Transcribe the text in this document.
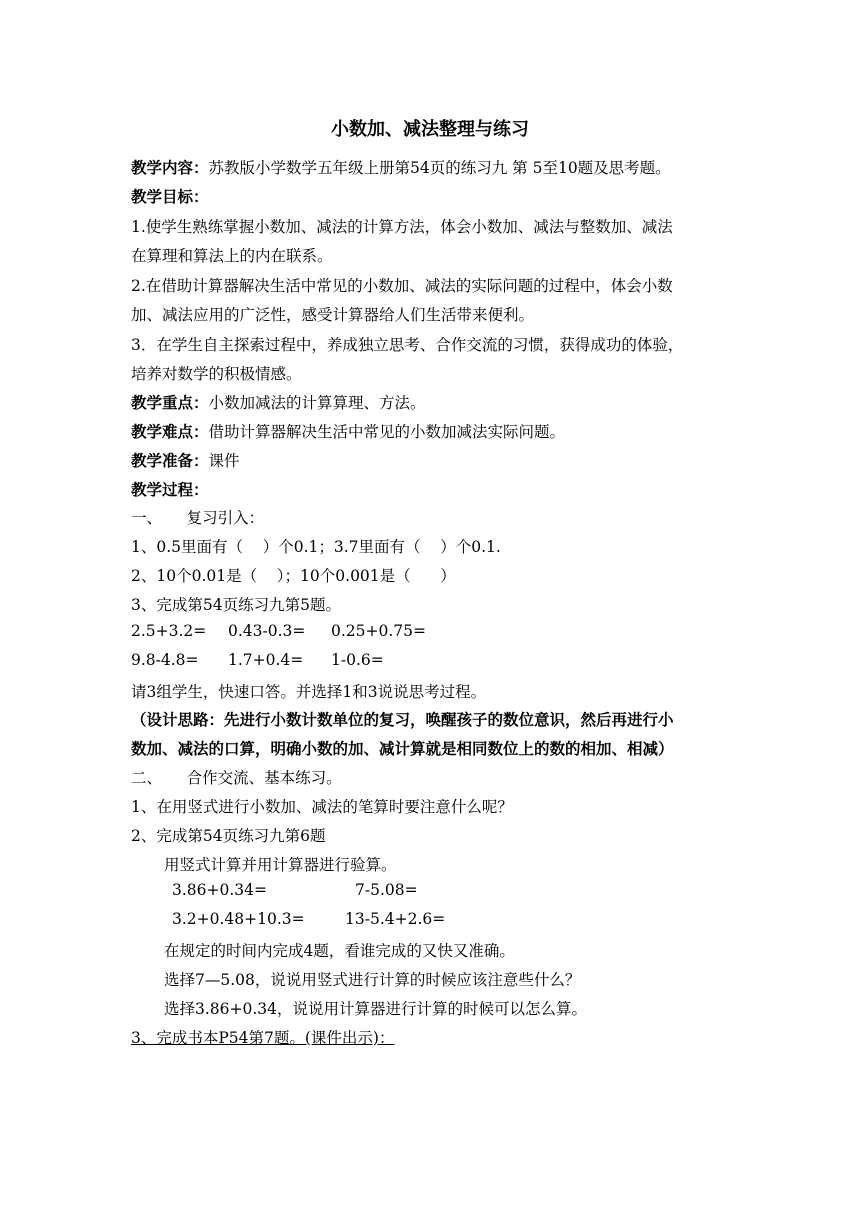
小数加、减法整理与练习
教学内容：苏教版小学数学五年级上册第54页的练习九 第 5至10题及思考题。
教学目标：
1.使学生熟练掌握小数加、减法的计算方法，体会小数加、减法与整数加、减法
在算理和算法上的内在联系。
2.在借助计算器解决生活中常见的小数加、减法的实际问题的过程中，体会小数
加、减法应用的广泛性，感受计算器给人们生活带来便利。
3．在学生自主探索过程中，养成独立思考、合作交流的习惯，获得成功的体验，
培养对数学的积极情感。
教学重点：小数加减法的计算算理、方法。
教学难点：借助计算器解决生活中常见的小数加减法实际问题。
教学准备：课件
教学过程：
一、     复习引入：
1、0.5里面有（    ）个0.1；3.7里面有（    ）个0.1.
2、10个0.01是（    ）；10个0.001是（      ）
3、完成第54页练习九第5题。
2.5+3.2= 0.43-0.3= 0.25+0.75=
9.8-4.8= 1.7+0.4= 1-0.6=
请3组学生，快速口答。并选择1和3说说思考过程。
（设计思路：先进行小数计数单位的复习，唤醒孩子的数位意识，然后再进行小
数加、减法的口算，明确小数的加、减计算就是相同数位上的数的相加、相减）
二、     合作交流、基本练习。
1、在用竖式进行小数加、减法的笔算时要注意什么呢？
2、完成第54页练习九第6题
用竖式计算并用计算器进行验算。
3.86+0.34=	7-5.08=
3.2+0.48+10.3=	13-5.4+2.6=
在规定的时间内完成4题，看谁完成的又快又准确。
选择7—5.08，说说用竖式进行计算的时候应该注意些什么？
选择3.86+0.34，说说用计算器进行计算的时候可以怎么算。
3、完成书本P54第7题。(课件出示)：
